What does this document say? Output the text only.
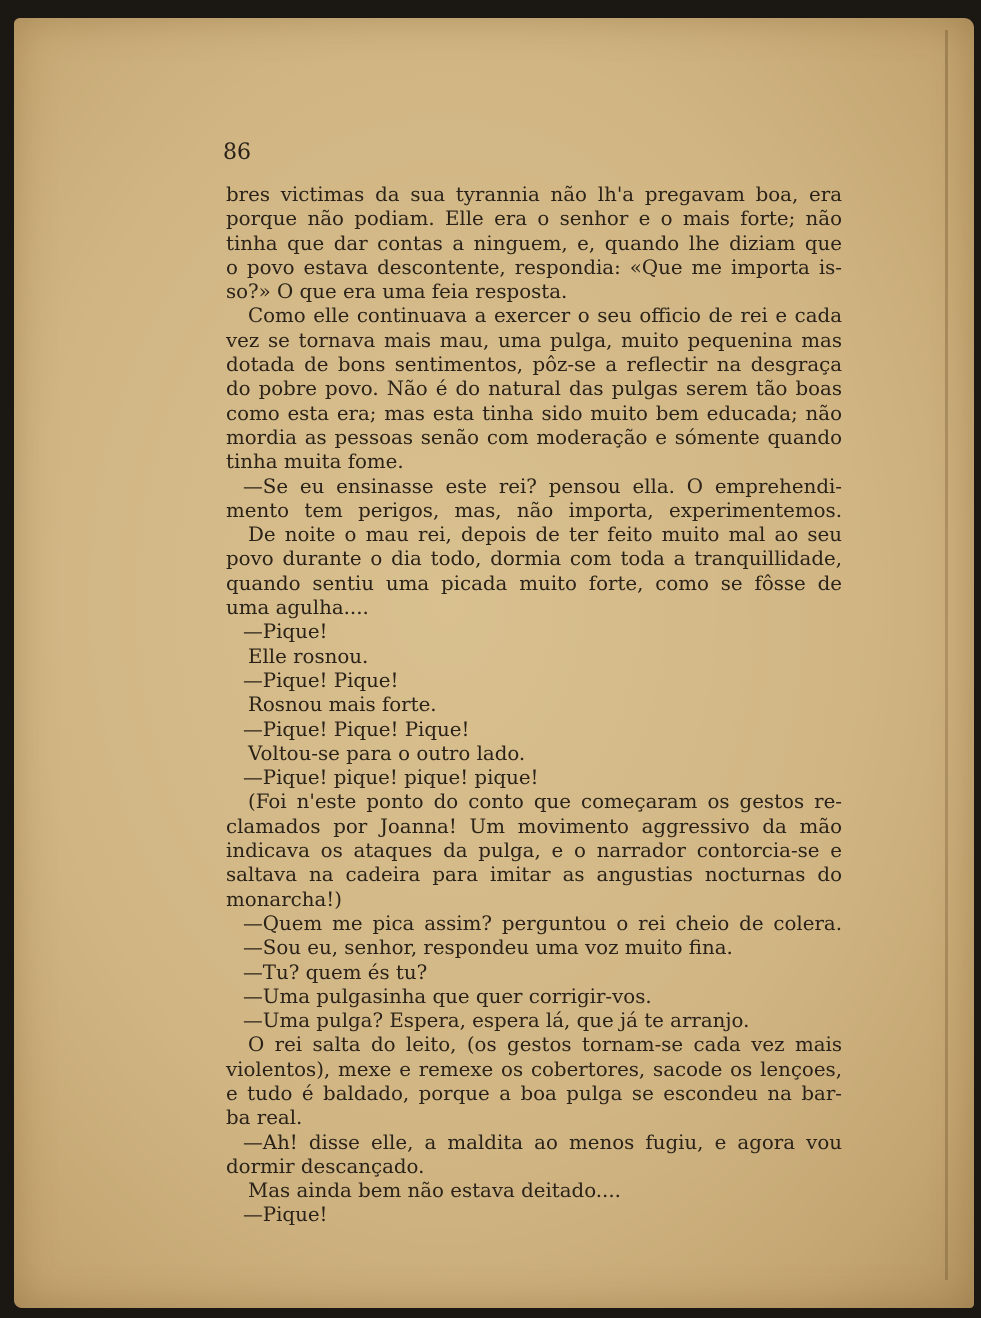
86
bres victimas da sua tyrannia não lh'a pregavam boa, era
porque não podiam. Elle era o senhor e o mais forte; não
tinha que dar contas a ninguem, e, quando lhe diziam que
o povo estava descontente, respondia: «Que me importa is-
so?» O que era uma feia resposta.
Como elle continuava a exercer o seu officio de rei e cada
vez se tornava mais mau, uma pulga, muito pequenina mas
dotada de bons sentimentos, pôz-se a reflectir na desgraça
do pobre povo. Não é do natural das pulgas serem tão boas
como esta era; mas esta tinha sido muito bem educada; não
mordia as pessoas senão com moderação e sómente quando
tinha muita fome.
—Se eu ensinasse este rei? pensou ella. O emprehendi-
mento tem perigos, mas, não importa, experimentemos.
De noite o mau rei, depois de ter feito muito mal ao seu
povo durante o dia todo, dormia com toda a tranquillidade,
quando sentiu uma picada muito forte, como se fôsse de
uma agulha....
—Pique!
Elle rosnou.
—Pique! Pique!
Rosnou mais forte.
—Pique! Pique! Pique!
Voltou-se para o outro lado.
—Pique! pique! pique! pique!
(Foi n'este ponto do conto que começaram os gestos re-
clamados por Joanna! Um movimento aggressivo da mão
indicava os ataques da pulga, e o narrador contorcia-se e
saltava na cadeira para imitar as angustias nocturnas do
monarcha!)
—Quem me pica assim? perguntou o rei cheio de colera.
—Sou eu, senhor, respondeu uma voz muito fina.
—Tu? quem és tu?
—Uma pulgasinha que quer corrigir-vos.
—Uma pulga? Espera, espera lá, que já te arranjo.
O rei salta do leito, (os gestos tornam-se cada vez mais
violentos), mexe e remexe os cobertores, sacode os lençoes,
e tudo é baldado, porque a boa pulga se escondeu na bar-
ba real.
—Ah! disse elle, a maldita ao menos fugiu, e agora vou
dormir descançado.
Mas ainda bem não estava deitado....
—Pique!
